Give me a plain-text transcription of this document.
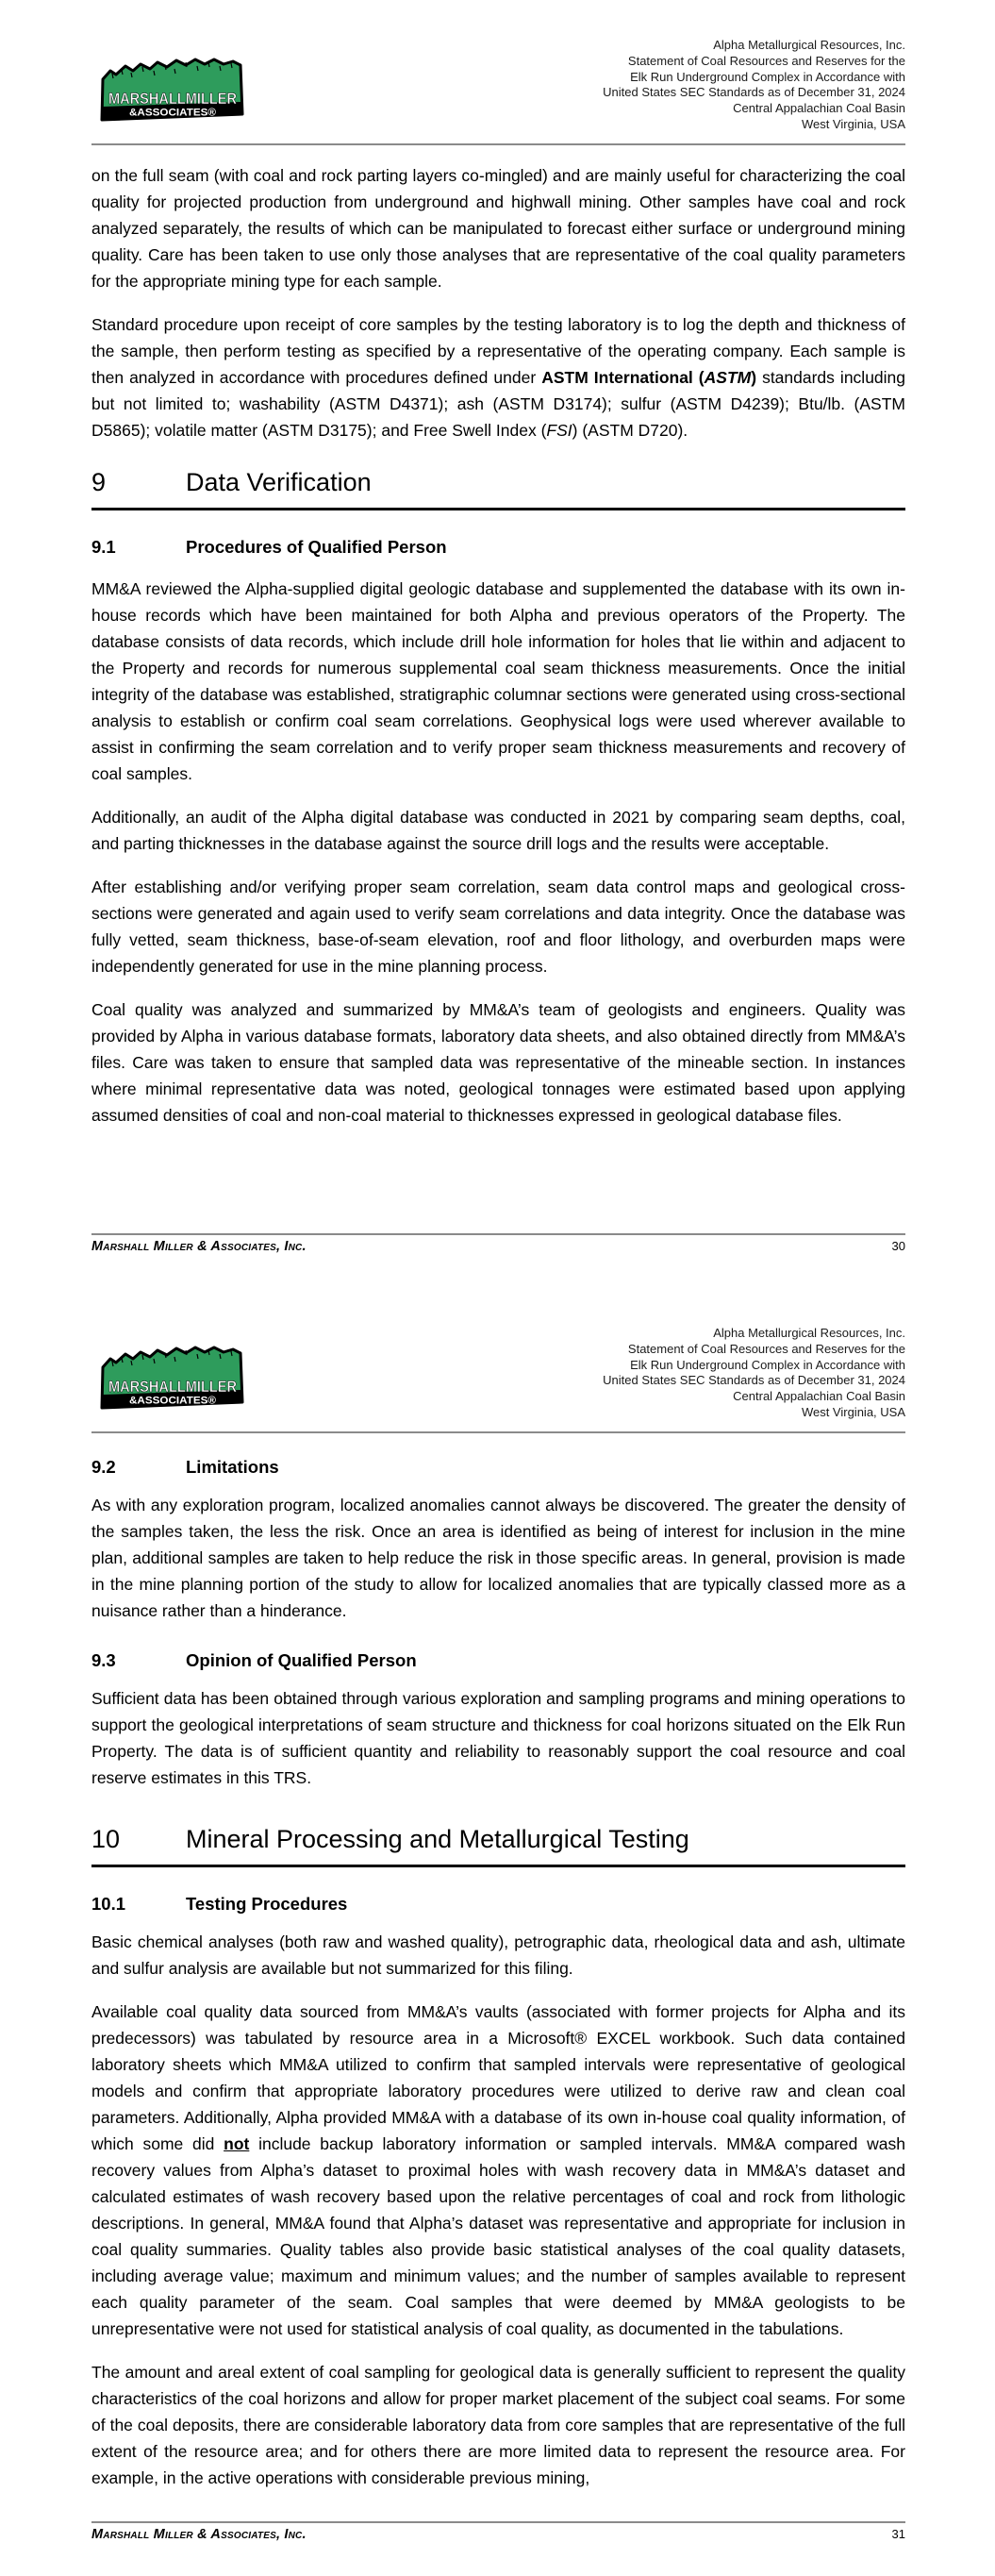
MARSHALLMILLER
&ASSOCIATES®
Alpha Metallurgical Resources, Inc.
Statement of Coal Resources and Reserves for the
Elk Run Underground Complex in Accordance with
United States SEC Standards as of December 31, 2024
Central Appalachian Coal Basin
West Virginia, USA

on the full seam (with coal and rock parting layers co-mingled) and are mainly useful for characterizing the coal quality for projected production from underground and highwall mining. Other samples have coal and rock analyzed separately, the results of which can be manipulated to forecast either surface or underground mining quality. Care has been taken to use only those analyses that are representative of the coal quality parameters for the appropriate mining type for each sample.

Standard procedure upon receipt of core samples by the testing laboratory is to log the depth and thickness of the sample, then perform testing as specified by a representative of the operating company. Each sample is then analyzed in accordance with procedures defined under ASTM International (ASTM) standards including but not limited to; washability (ASTM D4371); ash (ASTM D3174); sulfur (ASTM D4239); Btu/lb. (ASTM D5865); volatile matter (ASTM D3175); and Free Swell Index (FSI) (ASTM D720).

9	Data Verification
9.1	Procedures of Qualified Person

MM&A reviewed the Alpha-supplied digital geologic database and supplemented the database with its own in-house records which have been maintained for both Alpha and previous operators of the Property. The database consists of data records, which include drill hole information for holes that lie within and adjacent to the Property and records for numerous supplemental coal seam thickness measurements. Once the initial integrity of the database was established, stratigraphic columnar sections were generated using cross-sectional analysis to establish or confirm coal seam correlations. Geophysical logs were used wherever available to assist in confirming the seam correlation and to verify proper seam thickness measurements and recovery of coal samples.

Additionally, an audit of the Alpha digital database was conducted in 2021 by comparing seam depths, coal, and parting thicknesses in the database against the source drill logs and the results were acceptable.

After establishing and/or verifying proper seam correlation, seam data control maps and geological cross-sections were generated and again used to verify seam correlations and data integrity. Once the database was fully vetted, seam thickness, base-of-seam elevation, roof and floor lithology, and overburden maps were independently generated for use in the mine planning process.

Coal quality was analyzed and summarized by MM&A’s team of geologists and engineers. Quality was provided by Alpha in various database formats, laboratory data sheets, and also obtained directly from MM&A’s files. Care was taken to ensure that sampled data was representative of the mineable section. In instances where minimal representative data was noted, geological tonnages were estimated based upon applying assumed densities of coal and non-coal material to thicknesses expressed in geological database files.

Marshall Miller & Associates, Inc.	30
MARSHALLMILLER
&ASSOCIATES®
Alpha Metallurgical Resources, Inc.
Statement of Coal Resources and Reserves for the
Elk Run Underground Complex in Accordance with
United States SEC Standards as of December 31, 2024
Central Appalachian Coal Basin
West Virginia, USA
9.2	Limitations

As with any exploration program, localized anomalies cannot always be discovered. The greater the density of the samples taken, the less the risk. Once an area is identified as being of interest for inclusion in the mine plan, additional samples are taken to help reduce the risk in those specific areas. In general, provision is made in the mine planning portion of the study to allow for localized anomalies that are typically classed more as a nuisance rather than a hinderance.

9.3	Opinion of Qualified Person

Sufficient data has been obtained through various exploration and sampling programs and mining operations to support the geological interpretations of seam structure and thickness for coal horizons situated on the Elk Run Property. The data is of sufficient quantity and reliability to reasonably support the coal resource and coal reserve estimates in this TRS.

10	Mineral Processing and Metallurgical Testing
10.1	Testing Procedures

Basic chemical analyses (both raw and washed quality), petrographic data, rheological data and ash, ultimate and sulfur analysis are available but not summarized for this filing.

Available coal quality data sourced from MM&A’s vaults (associated with former projects for Alpha and its predecessors) was tabulated by resource area in a Microsoft® EXCEL workbook. Such data contained laboratory sheets which MM&A utilized to confirm that sampled intervals were representative of geological models and confirm that appropriate laboratory procedures were utilized to derive raw and clean coal parameters. Additionally, Alpha provided MM&A with a database of its own in-house coal quality information, of which some did not include backup laboratory information or sampled intervals. MM&A compared wash recovery values from Alpha’s dataset to proximal holes with wash recovery data in MM&A’s dataset and calculated estimates of wash recovery based upon the relative percentages of coal and rock from lithologic descriptions. In general, MM&A found that Alpha’s dataset was representative and appropriate for inclusion in coal quality summaries. Quality tables also provide basic statistical analyses of the coal quality datasets, including average value; maximum and minimum values; and the number of samples available to represent each quality parameter of the seam. Coal samples that were deemed by MM&A geologists to be unrepresentative were not used for statistical analysis of coal quality, as documented in the tabulations.

The amount and areal extent of coal sampling for geological data is generally sufficient to represent the quality characteristics of the coal horizons and allow for proper market placement of the subject coal seams. For some of the coal deposits, there are considerable laboratory data from core samples that are representative of the full extent of the resource area; and for others there are more limited data to represent the resource area. For example, in the active operations with considerable previous mining,

Marshall Miller & Associates, Inc.	31
